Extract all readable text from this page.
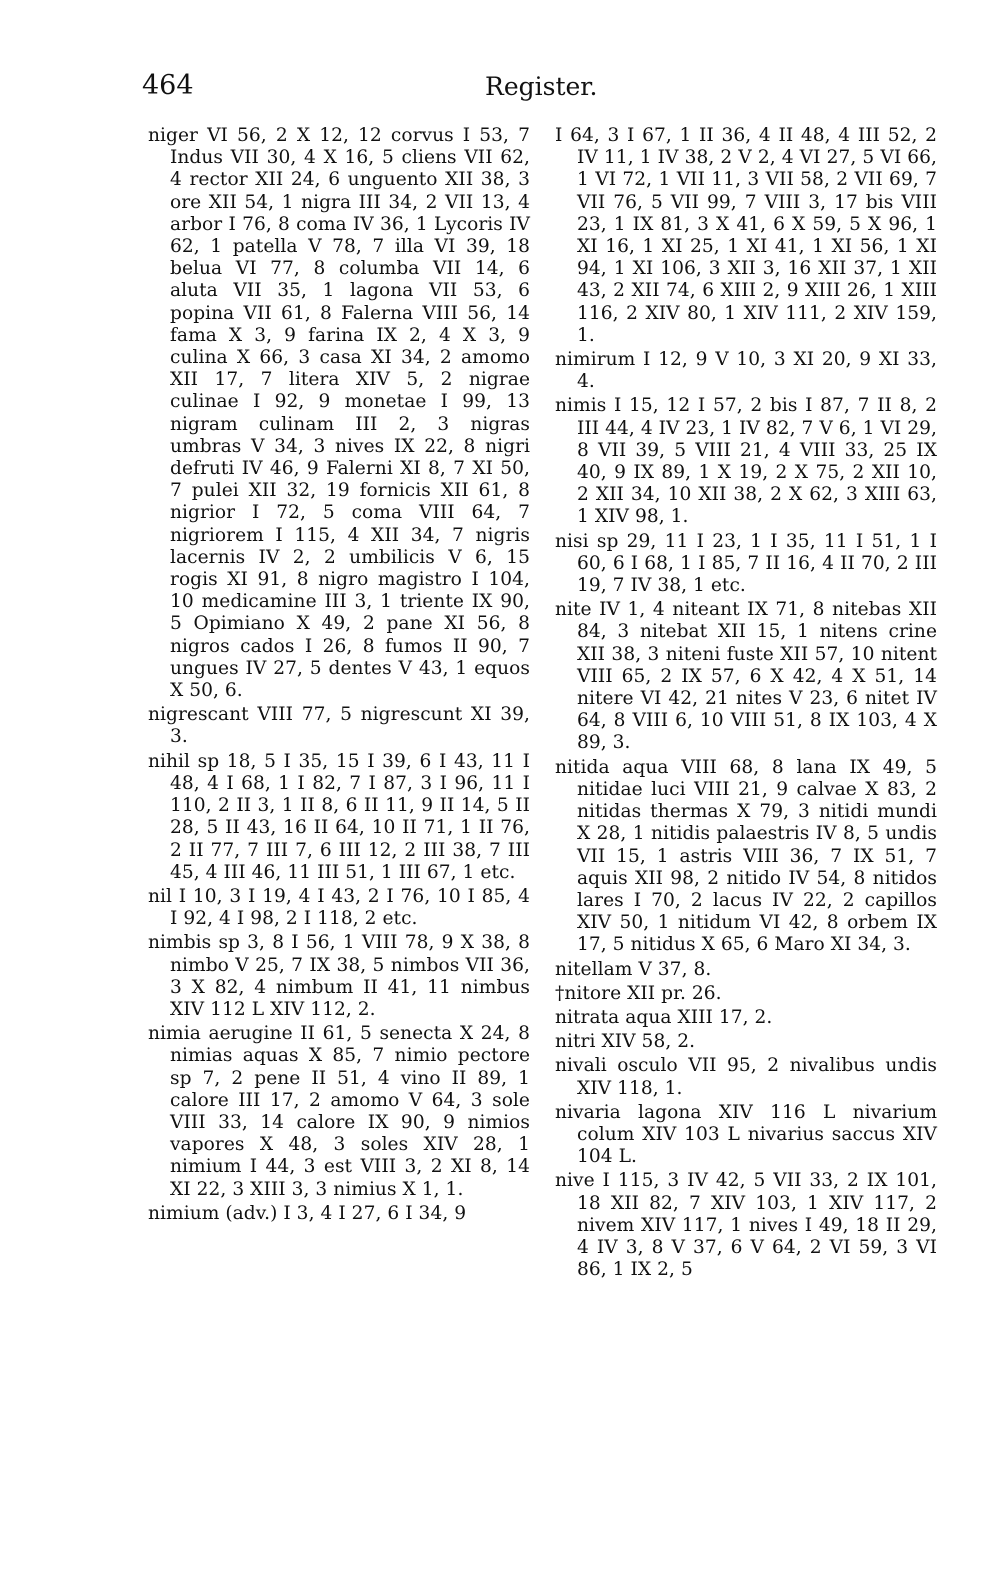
464	Register.

niger VI 56, 2 X 12, 12 corvus I 53, 7 Indus VII 30, 4 X 16, 5 cliens VII 62, 4 rector XII 24, 6 unguento XII 38, 3 ore XII 54, 1 nigra III 34, 2 VII 13, 4 arbor I 76, 8 coma IV 36, 1 Lycoris IV 62, 1 patella V 78, 7 illa VI 39, 18 belua VI 77, 8 columba VII 14, 6 aluta VII 35, 1 lagona VII 53, 6 popina VII 61, 8 Falerna VIII 56, 14 fama X 3, 9 farina IX 2, 4 X 3, 9 culina X 66, 3 casa XI 34, 2 amomo XII 17, 7 litera XIV 5, 2 nigrae culinae I 92, 9 monetae I 99, 13 nigram culinam III 2, 3 nigras umbras V 34, 3 nives IX 22, 8 nigri defruti IV 46, 9 Falerni XI 8, 7 XI 50, 7 pulei XII 32, 19 fornicis XII 61, 8 nigrior I 72, 5 coma VIII 64, 7 nigriorem I 115, 4 XII 34, 7 nigris lacernis IV 2, 2 umbilicis V 6, 15 rogis XI 91, 8 nigro magistro I 104, 10 medicamine III 3, 1 triente IX 90, 5 Opimiano X 49, 2 pane XI 56, 8 nigros cados I 26, 8 fumos II 90, 7 ungues IV 27, 5 dentes V 43, 1 equos X 50, 6.

nigrescant VIII 77, 5 nigrescunt XI 39, 3.

nihil sp 18, 5 I 35, 15 I 39, 6 I 43, 11 I 48, 4 I 68, 1 I 82, 7 I 87, 3 I 96, 11 I 110, 2 II 3, 1 II 8, 6 II 11, 9 II 14, 5 II 28, 5 II 43, 16 II 64, 10 II 71, 1 II 76, 2 II 77, 7 III 7, 6 III 12, 2 III 38, 7 III 45, 4 III 46, 11 III 51, 1 III 67, 1 etc.

nil I 10, 3 I 19, 4 I 43, 2 I 76, 10 I 85, 4 I 92, 4 I 98, 2 I 118, 2 etc.

nimbis sp 3, 8 I 56, 1 VIII 78, 9 X 38, 8 nimbo V 25, 7 IX 38, 5 nimbos VII 36, 3 X 82, 4 nimbum II 41, 11 nimbus XIV 112 L XIV 112, 2.

nimia aerugine II 61, 5 senecta X 24, 8 nimias aquas X 85, 7 nimio pectore sp 7, 2 pene II 51, 4 vino II 89, 1 calore III 17, 2 amomo V 64, 3 sole VIII 33, 14 calore IX 90, 9 nimios vapores X 48, 3 soles XIV 28, 1 nimium I 44, 3 est VIII 3, 2 XI 8, 14 XI 22, 3 XIII 3, 3 nimius X 1, 1.

nimium (adv.) I 3, 4 I 27, 6 I 34, 9

I 64, 3 I 67, 1 II 36, 4 II 48, 4 III 52, 2 IV 11, 1 IV 38, 2 V 2, 4 VI 27, 5 VI 66, 1 VI 72, 1 VII 11, 3 VII 58, 2 VII 69, 7 VII 76, 5 VII 99, 7 VIII 3, 17 bis VIII 23, 1 IX 81, 3 X 41, 6 X 59, 5 X 96, 1 XI 16, 1 XI 25, 1 XI 41, 1 XI 56, 1 XI 94, 1 XI 106, 3 XII 3, 16 XII 37, 1 XII 43, 2 XII 74, 6 XIII 2, 9 XIII 26, 1 XIII 116, 2 XIV 80, 1 XIV 111, 2 XIV 159, 1.

nimirum I 12, 9 V 10, 3 XI 20, 9 XI 33, 4.

nimis I 15, 12 I 57, 2 bis I 87, 7 II 8, 2 III 44, 4 IV 23, 1 IV 82, 7 V 6, 1 VI 29, 8 VII 39, 5 VIII 21, 4 VIII 33, 25 IX 40, 9 IX 89, 1 X 19, 2 X 75, 2 XII 10, 2 XII 34, 10 XII 38, 2 X 62, 3 XIII 63, 1 XIV 98, 1.

nisi sp 29, 11 I 23, 1 I 35, 11 I 51, 1 I 60, 6 I 68, 1 I 85, 7 II 16, 4 II 70, 2 III 19, 7 IV 38, 1 etc.

nite IV 1, 4 niteant IX 71, 8 nitebas XII 84, 3 nitebat XII 15, 1 nitens crine XII 38, 3 niteni fuste XII 57, 10 nitent VIII 65, 2 IX 57, 6 X 42, 4 X 51, 14 nitere VI 42, 21 nites V 23, 6 nitet IV 64, 8 VIII 6, 10 VIII 51, 8 IX 103, 4 X 89, 3.

nitida aqua VIII 68, 8 lana IX 49, 5 nitidae luci VIII 21, 9 calvae X 83, 2 nitidas thermas X 79, 3 nitidi mundi X 28, 1 nitidis palaestris IV 8, 5 undis VII 15, 1 astris VIII 36, 7 IX 51, 7 aquis XII 98, 2 nitido IV 54, 8 nitidos lares I 70, 2 lacus IV 22, 2 capillos XIV 50, 1 nitidum VI 42, 8 orbem IX 17, 5 nitidus X 65, 6 Maro XI 34, 3.

nitellam V 37, 8.

†nitore XII pr. 26.

nitrata aqua XIII 17, 2.

nitri XIV 58, 2.

nivali osculo VII 95, 2 nivalibus undis XIV 118, 1.

nivaria lagona XIV 116 L nivarium colum XIV 103 L nivarius saccus XIV 104 L.

nive I 115, 3 IV 42, 5 VII 33, 2 IX 101, 18 XII 82, 7 XIV 103, 1 XIV 117, 2 nivem XIV 117, 1 nives I 49, 18 II 29, 4 IV 3, 8 V 37, 6 V 64, 2 VI 59, 3 VI 86, 1 IX 2, 5
